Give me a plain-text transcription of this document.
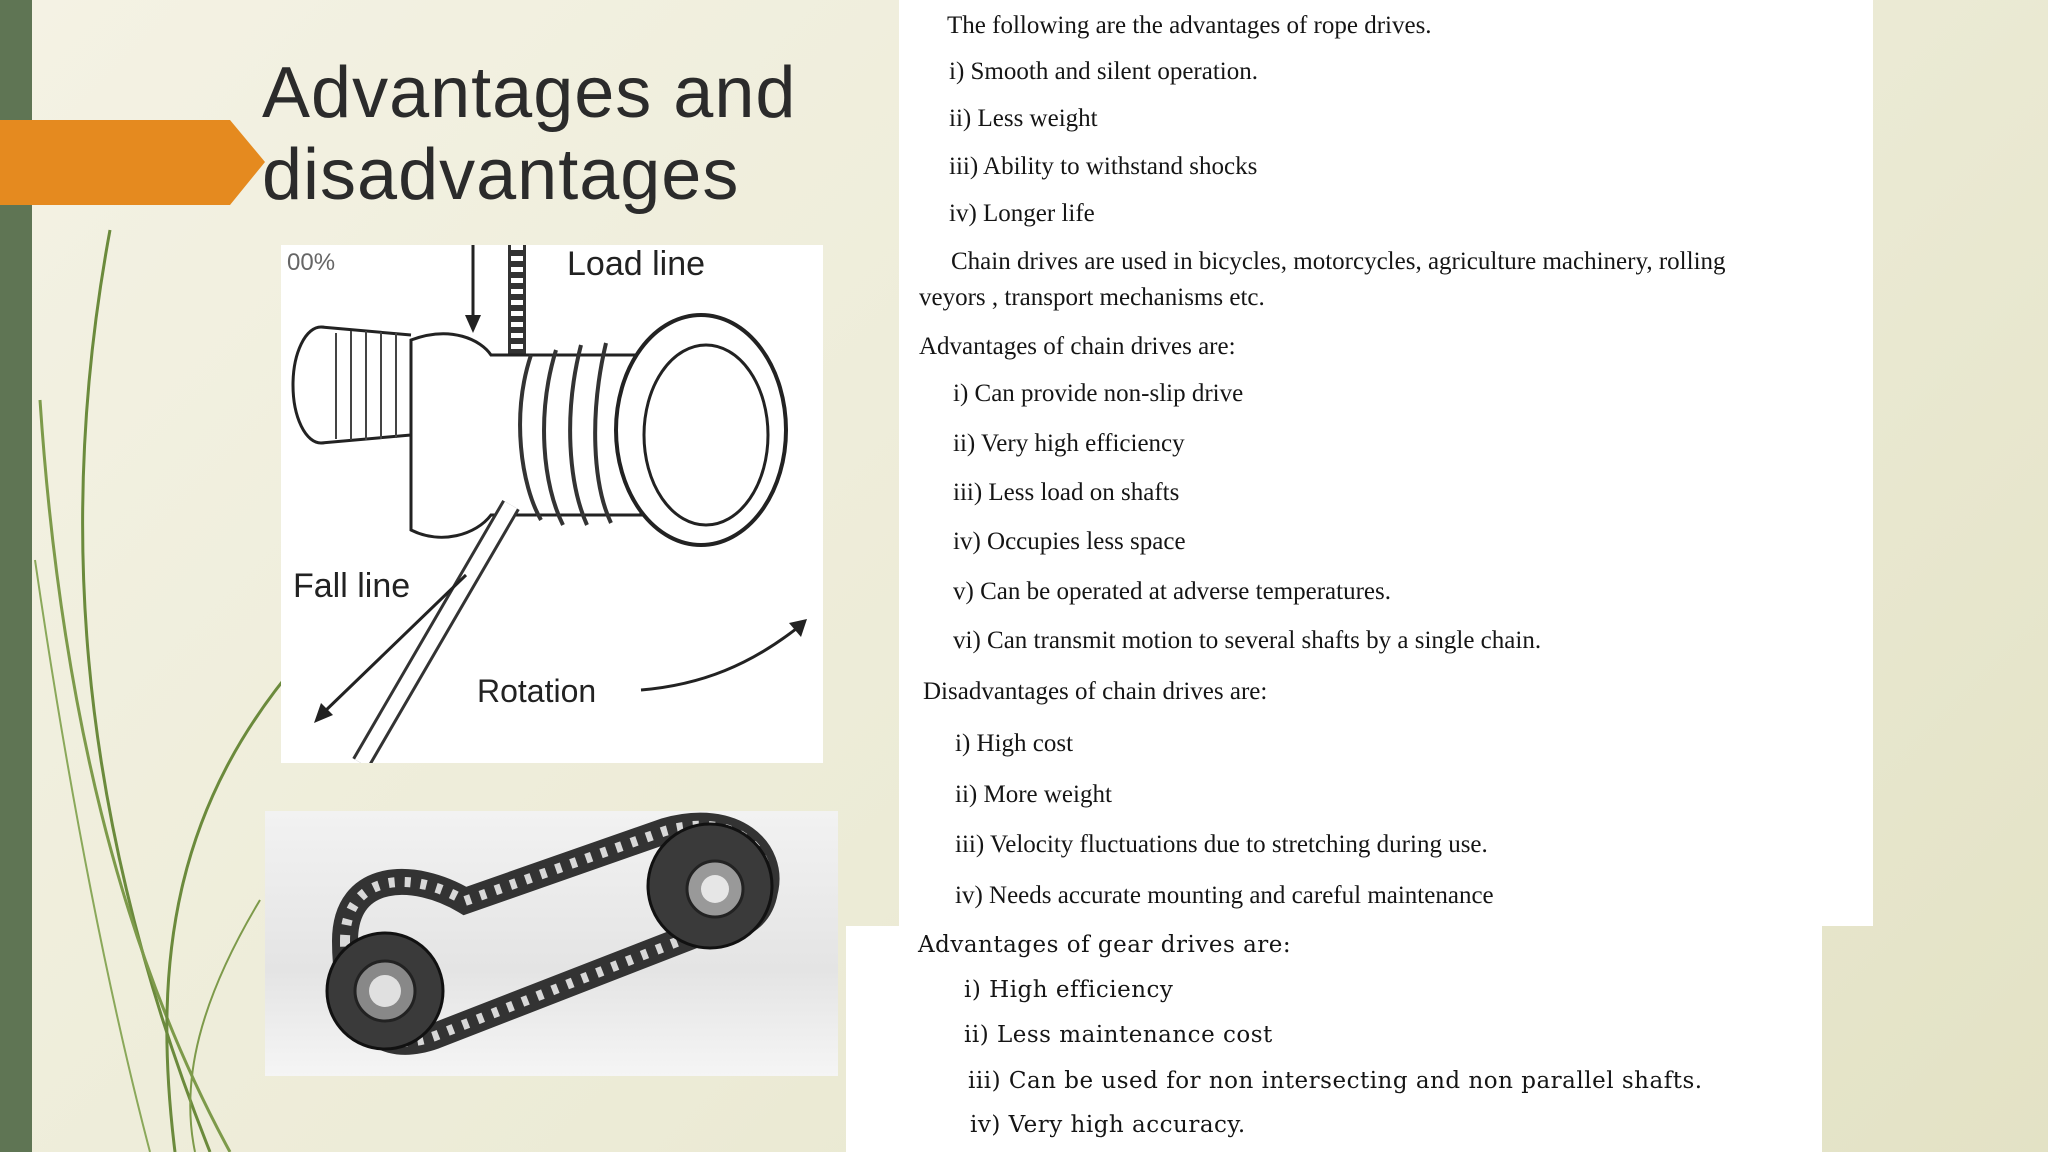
Advantages and
disadvantages
00%	Load line
Fall line
Rotation
The following are the advantages of rope drives.
i) Smooth and silent operation.
ii) Less weight
iii) Ability to withstand shocks
iv) Longer life
Chain drives are used in bicycles, motorcycles, agriculture machinery, rolling
veyors , transport mechanisms etc.
Advantages of chain drives are:
i) Can provide non-slip drive
ii) Very high efficiency
iii) Less load on shafts
iv) Occupies less space
v) Can be operated at adverse temperatures.
vi) Can transmit motion to several shafts by a single chain.
Disadvantages of chain drives are:
i) High cost
ii) More weight
iii) Velocity fluctuations due to stretching during use.
iv) Needs accurate mounting and careful maintenance
Advantages of gear drives are:
i) High efficiency
ii) Less maintenance cost
iii) Can be used for non intersecting and non parallel shafts.
iv) Very high accuracy.
